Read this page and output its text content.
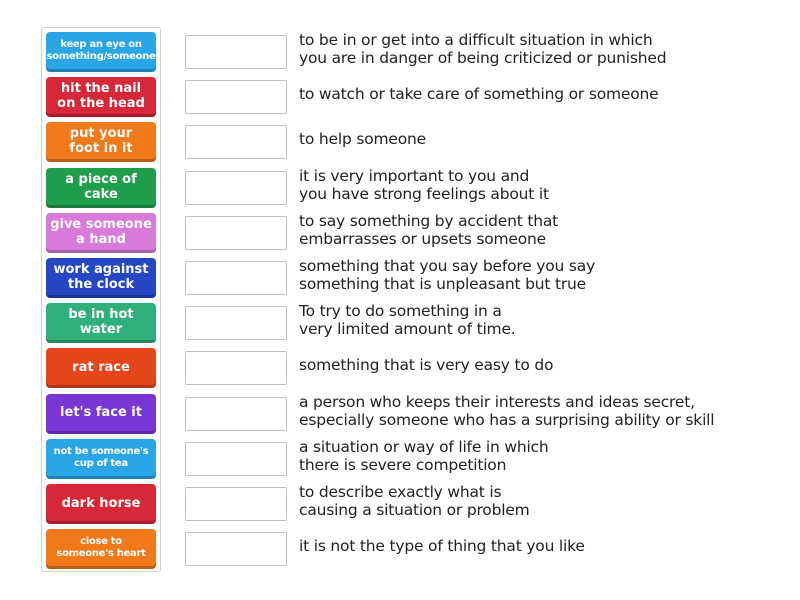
keep an eye on
something/someone
hit the nail
on the head
put your
foot in it
a piece of cake
give someone
a hand
work against
the clock
be in hot
water
rat race
let's face it
not be someone's
cup of tea
dark horse
close to
someone's heart
to be in or get into a difficult situation in which
you are in danger of being criticized or punished
to watch or take care of something or someone
to help someone
it is very important to you and
you have strong feelings about it
to say something by accident that
embarrasses or upsets someone
something that you say before you say
something that is unpleasant but true
To try to do something in a
very limited amount of time.
something that is very easy to do
a person who keeps their interests and ideas secret,
especially someone who has a surprising ability or skill
a situation or way of life in which
there is severe competition
to describe exactly what is
causing a situation or problem
it is not the type of thing that you like
